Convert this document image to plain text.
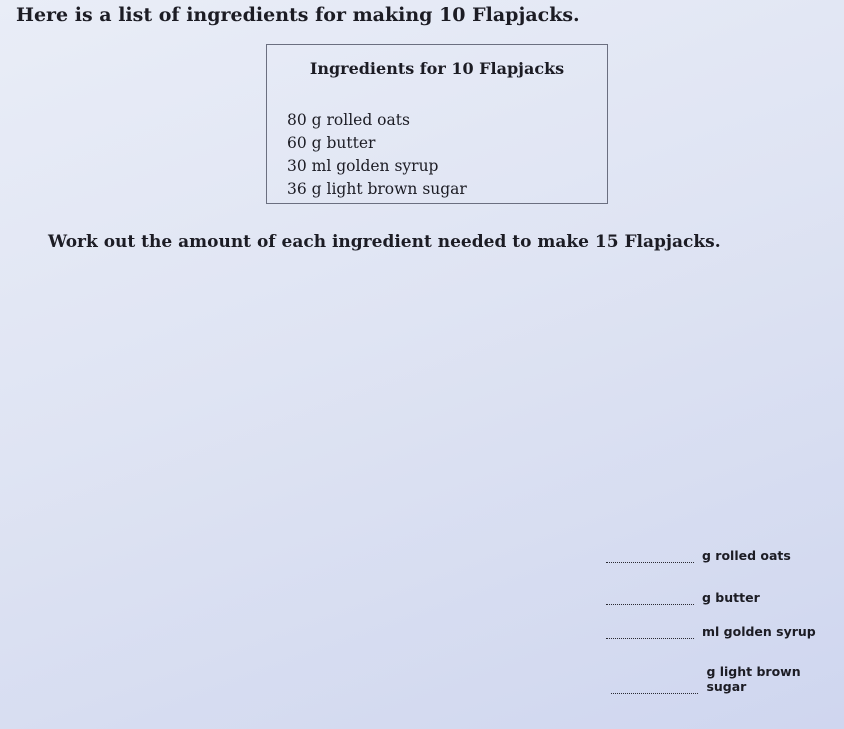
Here is a list of ingredients for making 10 Flapjacks.

Ingredients for 10 Flapjacks

80 g rolled oats
60 g butter
30 ml golden syrup
36 g light brown sugar

Work out the amount of each ingredient needed to make 15 Flapjacks.

g rolled oats
g butter
ml golden syrup
g light brown sugar
